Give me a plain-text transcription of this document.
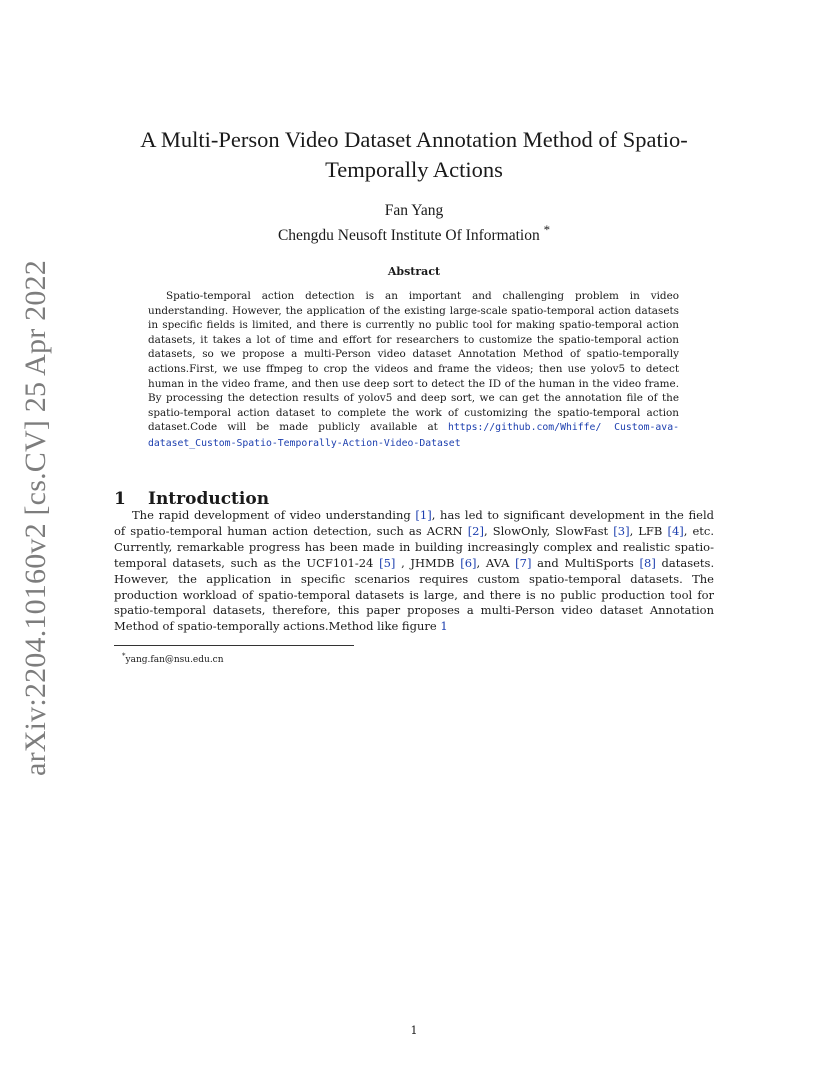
arXiv:2204.10160v2 [cs.CV] 25 Apr 2022
A Multi-Person Video Dataset Annotation Method of Spatio-Temporally Actions
Fan Yang
Chengdu Neusoft Institute Of Information *
Abstract

Spatio-temporal action detection is an important and challenging problem in video understanding. However, the application of the existing large-scale spatio-temporal action datasets in specific fields is limited, and there is currently no public tool for making spatio-temporal action datasets, it takes a lot of time and effort for researchers to customize the spatio-temporal action datasets, so we propose a multi-Person video dataset Annotation Method of spatio-temporally actions.First, we use ffmpeg to crop the videos and frame the videos; then use yolov5 to detect human in the video frame, and then use deep sort to detect the ID of the human in the video frame. By processing the detection results of yolov5 and deep sort, we can get the annotation file of the spatio-temporal action dataset to complete the work of customizing the spatio-temporal action dataset.Code will be made publicly available at https://github.com/Whiffe/ Custom-ava-dataset_Custom-Spatio-Temporally-Action-Video-Dataset

1 Introduction

The rapid development of video understanding [1], has led to significant development in the field of spatio-temporal human action detection, such as ACRN [2], SlowOnly, SlowFast [3], LFB [4], etc. Currently, remarkable progress has been made in building increasingly complex and realistic spatio-temporal datasets, such as the UCF101-24 [5] , JHMDB [6], AVA [7] and MultiSports [8] datasets. However, the application in specific scenarios requires custom spatio-temporal datasets. The production workload of spatio-temporal datasets is large, and there is no public production tool for spatio-temporal datasets, therefore, this paper proposes a multi-Person video dataset Annotation Method of spatio-temporally actions.Method like figure 1

*yang.fan@nsu.edu.cn
1
